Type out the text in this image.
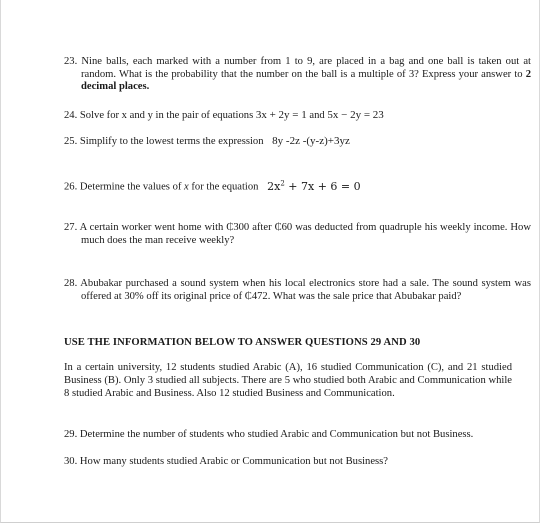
23. Nine balls, each marked with a number from 1 to 9, are placed in a bag and one ball is taken out at random. What is the probability that the number on the ball is a multiple of 3? Express your answer to 2 decimal places.
24. Solve for x and y in the pair of equations 3x + 2y = 1 and 5x − 2y = 23
25. Simplify to the lowest terms the expression 8y -2z -(y-z)+3yz
26. Determine the values of x for the equation $2x^2 + 7x + 6 = 0$
27. A certain worker went home with ₵300 after ₵60 was deducted from quadruple his weekly income. How much does the man receive weekly?
28. Abubakar purchased a sound system when his local electronics store had a sale. The sound system was offered at 30% off its original price of ₵472. What was the sale price that Abubakar paid?
USE THE INFORMATION BELOW TO ANSWER QUESTIONS 29 AND 30
In a certain university, 12 students studied Arabic (A), 16 studied Communication (C), and 21 studied Business (B). Only 3 studied all subjects. There are 5 who studied both Arabic and Communication while 8 studied Arabic and Business. Also 12 studied Business and Communication.
29. Determine the number of students who studied Arabic and Communication but not Business.
30. How many students studied Arabic or Communication but not Business?
